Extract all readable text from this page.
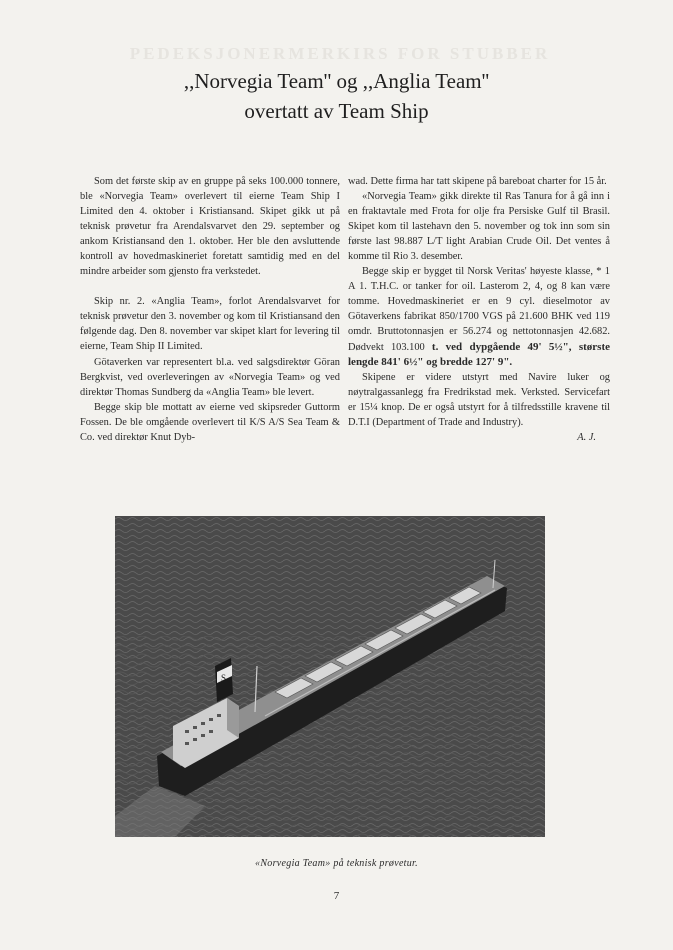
PEDEKSJONERMERKIRS FOR STUBBER
,,Norvegia Team'' og ,,Anglia Team''
overtatt av Team Ship

Som det første skip av en gruppe på seks 100.000 tonnere, ble «Norvegia Team» overlevert til eierne Team Ship I Limited den 4. oktober i Kristiansand. Skipet gikk ut på teknisk prøvetur fra Arendalsvarvet den 29. september og ankom Kristiansand den 1. oktober. Her ble den avsluttende kontroll av hovedmaskineriet foretatt samtidig med en del mindre arbeider som gjensto fra verkstedet.

Skip nr. 2. «Anglia Team», forlot Arendalsvarvet for teknisk prøvetur den 3. november og kom til Kristiansand den følgende dag. Den 8. november var skipet klart for levering til eierne, Team Ship II Limited.

Götaverken var representert bl.a. ved salgsdirektør Göran Bergkvist, ved overleveringen av «Norvegia Team» og ved direktør Thomas Sundberg da «Anglia Team» ble levert.

Begge skip ble mottatt av eierne ved skipsreder Guttorm Fossen. De ble omgående overlevert til K/S A/S Sea Team & Co. ved direktør Knut Dyb-

wad. Dette firma har tatt skipene på bareboat charter for 15 år.

«Norvegia Team» gikk direkte til Ras Tanura for å gå inn i en fraktavtale med Frota for olje fra Persiske Gulf til Brasil. Skipet kom til lastehavn den 5. november og tok inn som sin første last 98.887 L/T light Arabian Crude Oil. Det ventes å komme til Rio 3. desember.

Begge skip er bygget til Norsk Veritas' høyeste klasse, * 1 A 1. T.H.C. or tanker for oil. Lasterom 2, 4, og 8 kan være tomme. Hovedmaskineriet er en 9 cyl. dieselmotor av Götaverkens fabrikat 850/1700 VGS på 21.600 BHK ved 119 omdr. Bruttotonnasjen er 56.274 og nettotonnasjen 42.682. Dødvekt 103.100 t. ved dypgående 49' 5½", største lengde 841' 6½" og bredde 127' 9".

Skipene er videre utstyrt med Navire luker og nøytralgassanlegg fra Fredrikstad mek. Verksted. Servicefart er 15¼ knop. De er også utstyrt for å tilfredsstille kravene til D.T.I (Department of Trade and Industry).

A. J.

S
«Norvegia Team» på teknisk prøvetur.
7
